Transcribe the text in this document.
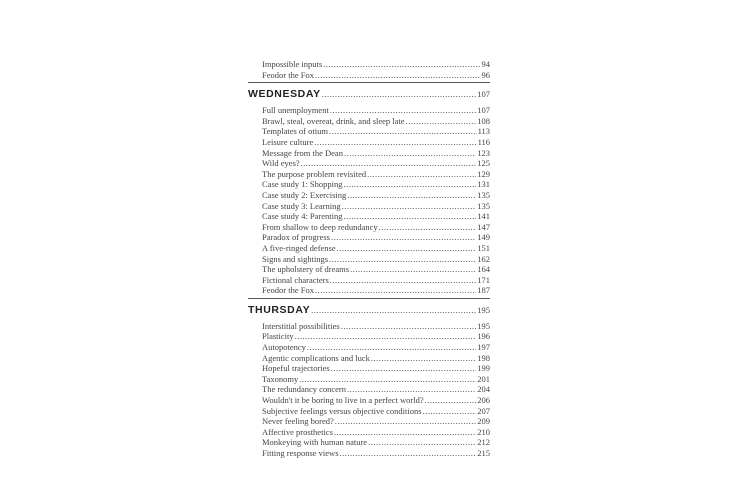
Impossible inputs .....	94
Feodor the Fox .....	96
WEDNESDAY .....	107
Full unemployment .....	107
Brawl, steal, overeat, drink, and sleep late .....	108
Templates of otium .....	113
Leisure culture .....	116
Message from the Dean .....	123
Wild eyes? .....	125
The purpose problem revisited .....	129
Case study 1: Shopping .....	131
Case study 2: Exercising .....	135
Case study 3: Learning .....	135
Case study 4: Parenting .....	141
From shallow to deep redundancy .....	147
Paradox of progress .....	149
A five-ringed defense .....	151
Signs and sightings .....	162
The upholstery of dreams .....	164
Fictional characters .....	171
Feodor the Fox .....	187
THURSDAY .....	195
Interstitial possibilities .....	195
Plasticity .....	196
Autopotency .....	197
Agentic complications and luck .....	198
Hopeful trajectories .....	199
Taxonomy .....	201
The redundancy concern .....	204
Wouldn't it be boring to live in a perfect world? .....	206
Subjective feelings versus objective conditions .....	207
Never feeling bored? .....	209
Affective prosthetics .....	210
Monkeying with human nature .....	212
Fitting response views .....	215
